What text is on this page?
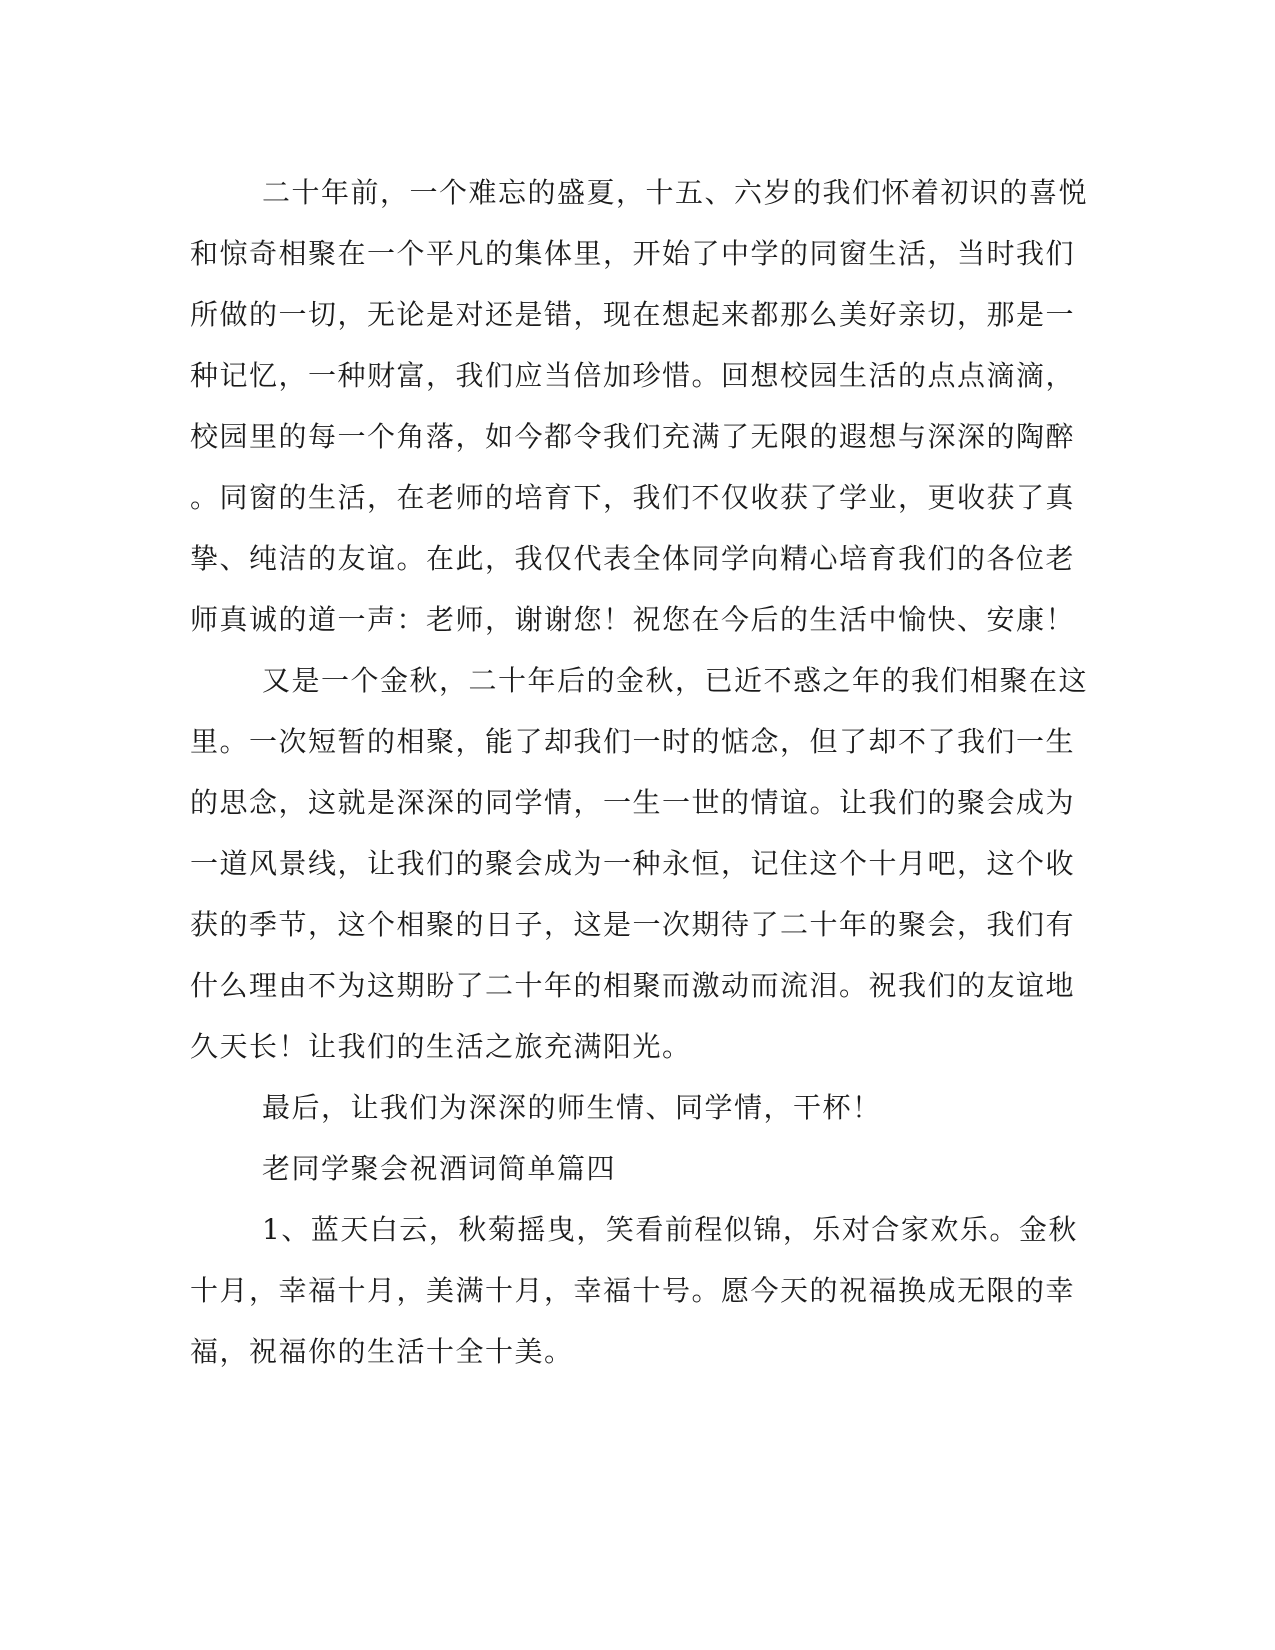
二十年前，一个难忘的盛夏，十五、六岁的我们怀着初识的喜悦
和惊奇相聚在一个平凡的集体里，开始了中学的同窗生活，当时我们
所做的一切，无论是对还是错，现在想起来都那么美好亲切，那是一
种记忆，一种财富，我们应当倍加珍惜。回想校园生活的点点滴滴，
校园里的每一个角落，如今都令我们充满了无限的遐想与深深的陶醉
。同窗的生活，在老师的培育下，我们不仅收获了学业，更收获了真
挚、纯洁的友谊。在此，我仅代表全体同学向精心培育我们的各位老
师真诚的道一声：老师，谢谢您！祝您在今后的生活中愉快、安康！
又是一个金秋，二十年后的金秋，已近不惑之年的我们相聚在这
里。一次短暂的相聚，能了却我们一时的惦念，但了却不了我们一生
的思念，这就是深深的同学情，一生一世的情谊。让我们的聚会成为
一道风景线，让我们的聚会成为一种永恒，记住这个十月吧，这个收
获的季节，这个相聚的日子，这是一次期待了二十年的聚会，我们有
什么理由不为这期盼了二十年的相聚而激动而流泪。祝我们的友谊地
久天长！让我们的生活之旅充满阳光。
最后，让我们为深深的师生情、同学情，干杯！
老同学聚会祝酒词简单篇四
1、蓝天白云，秋菊摇曳，笑看前程似锦，乐对合家欢乐。金秋
十月，幸福十月，美满十月，幸福十号。愿今天的祝福换成无限的幸
福，祝福你的生活十全十美。
